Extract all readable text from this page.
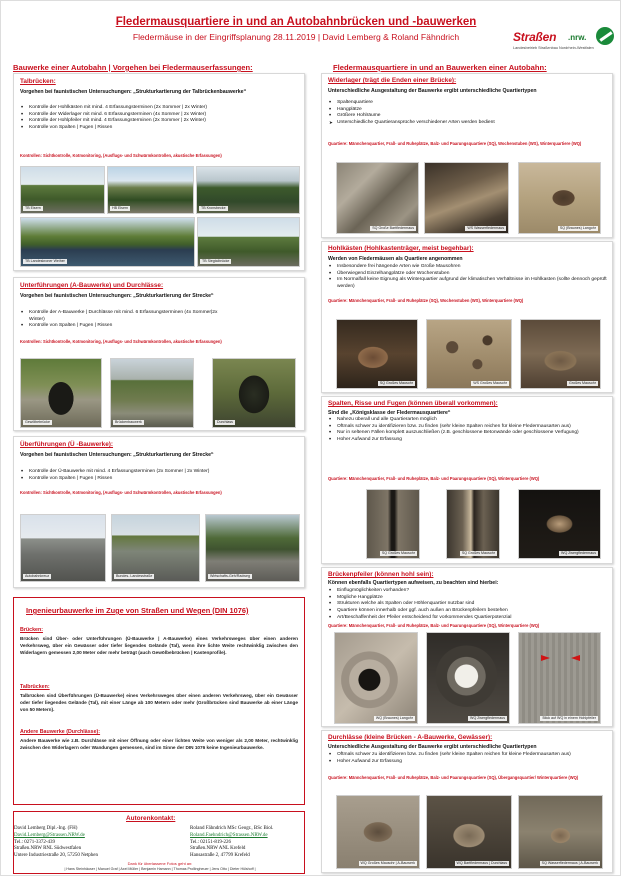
Fledermausquartiere in und an Autobahnbrücken und -bauwerken
Fledermäuse in der Eingriffsplanung 28.11.2019 | David Lemberg & Roland Fähndrich	Straßen .nrw.
Landesbetrieb Straßenbau Nordrhein-Westfalen
Bauwerke einer Autobahn | Vorgehen bei Fledermauserfassungen:	Fledermausquartiere in und an Bauwerken einer Autobahn:
Talbrücken:
Vorgehen bei faunistischen Untersuchungen: „Strukturkartierung der Talbrückenbauwerke“
• Kontrolle der Hohlkästen mit mind. 4 Erfassungsterminen (2x Sommer | 2x Winter)
• Kontrolle der Widerlager mit mind. 6 Erfassungsterminen (4x Sommer | 2x Winter)
• Kontrolle der Hohlpfeiler mit mind. 4 Erfassungsterminen (2x Sommer | 2x Winter)
• Kontrolle von Spalten | Fugen | Rissen
Kontrollen: Sichtkontrolle, Kotmonitoring, (Ausflugs- und Schwärmkontrollen, akustische Erfassungen)
TB Eisern	HB Eisern	TB Kronsbecke
TB Landeskroner Weiher	TB Siegtalbrücke
Unterführungen (A-Bauwerke) und Durchlässe:
Vorgehen bei faunistischen Untersuchungen: „Strukturkartierung der Strecke“
• Kontrolle der A-Bauwerke | Durchlässe mit mind. 6 Erfassungsterminen (4x Sommer|2x Winter)
• Kontrolle von Spalten | Fugen | Rissen
Kontrollen: Sichtkontrolle, Kotmonitoring, (Ausflugs- und Schwärmkontrollen, akustische Erfassungen)
Gewölbebrücke	Brückenbauwerk	Durchlass
Überführungen (Ü -Bauwerke):
Vorgehen bei faunistischen Untersuchungen: „Strukturkartierung der Strecke“
• Kontrolle der Ü-Bauwerke mit mind. 4 Erfassungsterminen (2x Sommer | 2x Winter)
• Kontrolle von Spalten | Fugen | Rissen
Kontrollen: Sichtkontrolle, Kotmonitoring, (Ausflugs- und Schwärmkontrollen, akustische Erfassungen)
Autobahnkreuz	Bundes- Landesstraße	Wirtschafts-Geh/Radweg
Ingenieurbauwerke im Zuge von Straßen und Wegen (DIN 1076)
Brücken:
Brücken sind Über- oder Unterführungen (Ü-Bauwerke | A-Bauwerke) eines Verkehrsweges über einen anderen Verkehrsweg, über ein Gewässer oder tiefer liegendes Gelände (Tal), wenn ihre lichte Weite rechtwinklig zwischen den Widerlagern gemessen 2,00 Meter oder mehr beträgt (auch Gewölbebrücken | Kastenprofile).
Talbrücken:
Talbrücken sind Überführungen (Ü-Bauwerke) eines Verkehrsweges über einen anderen Verkehrsweg, über ein Gewässer oder tiefer liegendes Gelände (Tal), mit einer Länge ab 100 Metern oder mehr (Großbrücken sind Bauwerke ab einer Länge von 50 Metern).
Andere Bauwerke (Durchlässe):
Andere Bauwerke wie z.B. Durchlässe mit einer Öffnung oder einer lichten Weite von weniger als 2,00 Meter, rechtwinklig zwischen den Widerlagern oder Wandungen gemessen, sind im Sinne der DIN 1076 keine Ingenieurbauwerke.
Autorenkontakt:
David Lemberg Dipl.-Ing. (FH)
David.Lemberg@Strassen.NRW.de
Tel.: 0271-3372-439
Straßen.NRW RNL Südwestfalen
Untere Industriestraße 20, 57250 Netphen
Roland Fähndrich MSc Geogr., BSc Biol.
Roland.Faehndrich@Strassen.NRW.de
Tel.: 02151-819-226
Straßen.NRW ANL Krefeld
Hansastraße 2, 47799 Krefeld
Dank für überlassene Fotos geht an:
| Hans Steinhäuser | Manuel Graf | Axel Müller | Benjamin Hamann | Thomas Prollingheuer | Jens Otto | Dieter Hülshoff |
Widerlager (trägt die Enden einer Brücke):
Unterschiedliche Ausgestaltung der Bauwerke ergibt unterschiedliche Quartiertypen
• Spaltenquartiere
• Hangplätze
• Größere Hohlräume
➤ Unterschiedliche Quartieransprüche verschiedener Arten werden bedient
Quartiere: Männchenquartier, Fraß- und Ruheplätze, Balz- und Paarungsquartiere (SQ), Wochenstuben (WS), Winterquartiere (WQ)
SQ Große Bartfledermaus	WS Wasserfledermaus	SQ (Braunes) Langohr
Hohlkästen (Hohlkastenträger, meist begehbar):
Werden von Fledermäusen als Quartiere angenommen
• Insbesondere frei hängende Arten wie Große Mausohren
• Überwiegend Einzelhangplätze oder Wochenstuben
• Im Normalfall keine Eignung als Winterquartier aufgrund der klimatischen Verhältnisse im Hohlkasten (sollte dennoch geprüft werden)
Quartiere: Männchenquartier, Fraß- und Ruheplätze (SQ), Wochenstuben (WS), Winterquartiere (WQ)
SQ Großes Mausohr	WS Großes Mausohr	Großes Mausohr
Spalten, Risse und Fugen (können überall vorkommen):
Sind die „Königsklasse der Fledermausquartiere“
• Nahezu überall und alle Quartierarten möglich
• Oftmals schwer zu identifizieren bzw. zu finden (sehr kleine Spalten reichen für kleine Fledermausarten aus)
• Nur in seltenen Fällen komplett auszuschließen (z.B. geschlossene Betonwände oder geschlossene Verfugung)
• Hoher Aufwand zur Erfassung
Quartiere: Männchenquartier, Fraß- und Ruheplätze, Balz- und Paarungsquartiere (SQ), Winterquartiere (WQ)
SQ Großes Mausohr	SQ Großes Mausohr	WQ Zwergfledermaus
Brückenpfeiler (können hohl sein):
Können ebenfalls Quartiertypen aufweisen, zu beachten sind hierbei:
• Einflugmöglichkeiten vorhanden?
• Mögliche Hangplätze
• Strukturen welche als Spalten oder Höhlenquartier nutzbar sind
• Quartiere können innerhalb oder ggf. auch außen an Brückenpfeilern bestehen
• Art/Beschaffenheit der Pfeiler entscheidend für vorkommendes Quartierpotenzial
Quartiere: Männchenquartier, Fraß- und Ruheplätze, Balz- und Paarungsquartiere (SQ), Winterquartiere (WQ)
WQ (Braunes) Langohr	WQ Zwergfledermaus	Blick auf WQ in einem Hohlpfeiler
Durchlässe (kleine Brücken - A-Bauwerke, Gewässer):
Unterschiedliche Ausgestaltung der Bauwerke ergibt unterschiedliche Quartiertypen
• Oftmals schwer zu identifizieren bzw. zu finden (sehr kleine Spalten reichen für kleine Fledermausarten aus)
• Hoher Aufwand zur Erfassung
Quartiere: Männchenquartier, Fraß- und Ruheplätze, Balz- und Paarungsquartiere (SQ), Übergangsquartier/ Winterquartiere (WQ)
WQ Großes Mausohr | A-Bauwerk	WQ Bartfledermaus | Durchlass	SQ Wasserfledermaus | A-Bauwerk
